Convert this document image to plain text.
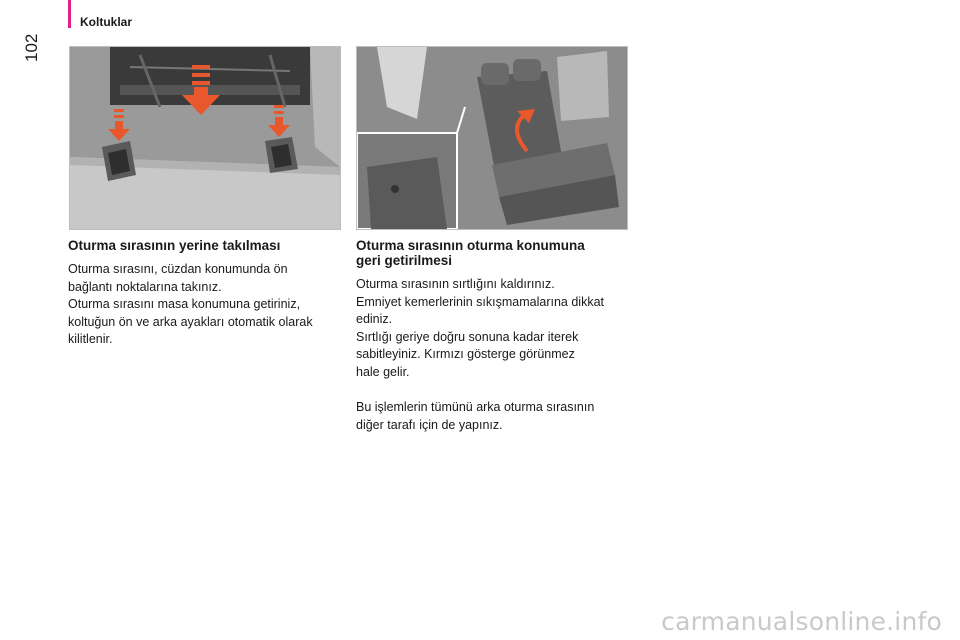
Koltuklar
102
Oturma sırasının yerine takılması

Oturma sırasını, cüzdan konumunda ön

bağlantı noktalarına takınız.

Oturma sırasını masa konumuna getiriniz,

koltuğun ön ve arka ayakları otomatik olarak

kilitlenir.

Oturma sırasının oturma konumuna
geri getirilmesi

Oturma sırasının sırtlığını kaldırınız.

Emniyet kemerlerinin sıkışmamalarına dikkat

ediniz.

Sırtlığı geriye doğru sonuna kadar iterek

sabitleyiniz. Kırmızı gösterge görünmez

hale gelir.

Bu işlemlerin tümünü arka oturma sırasının

diğer tarafı için de yapınız.

carmanualsonline.info
